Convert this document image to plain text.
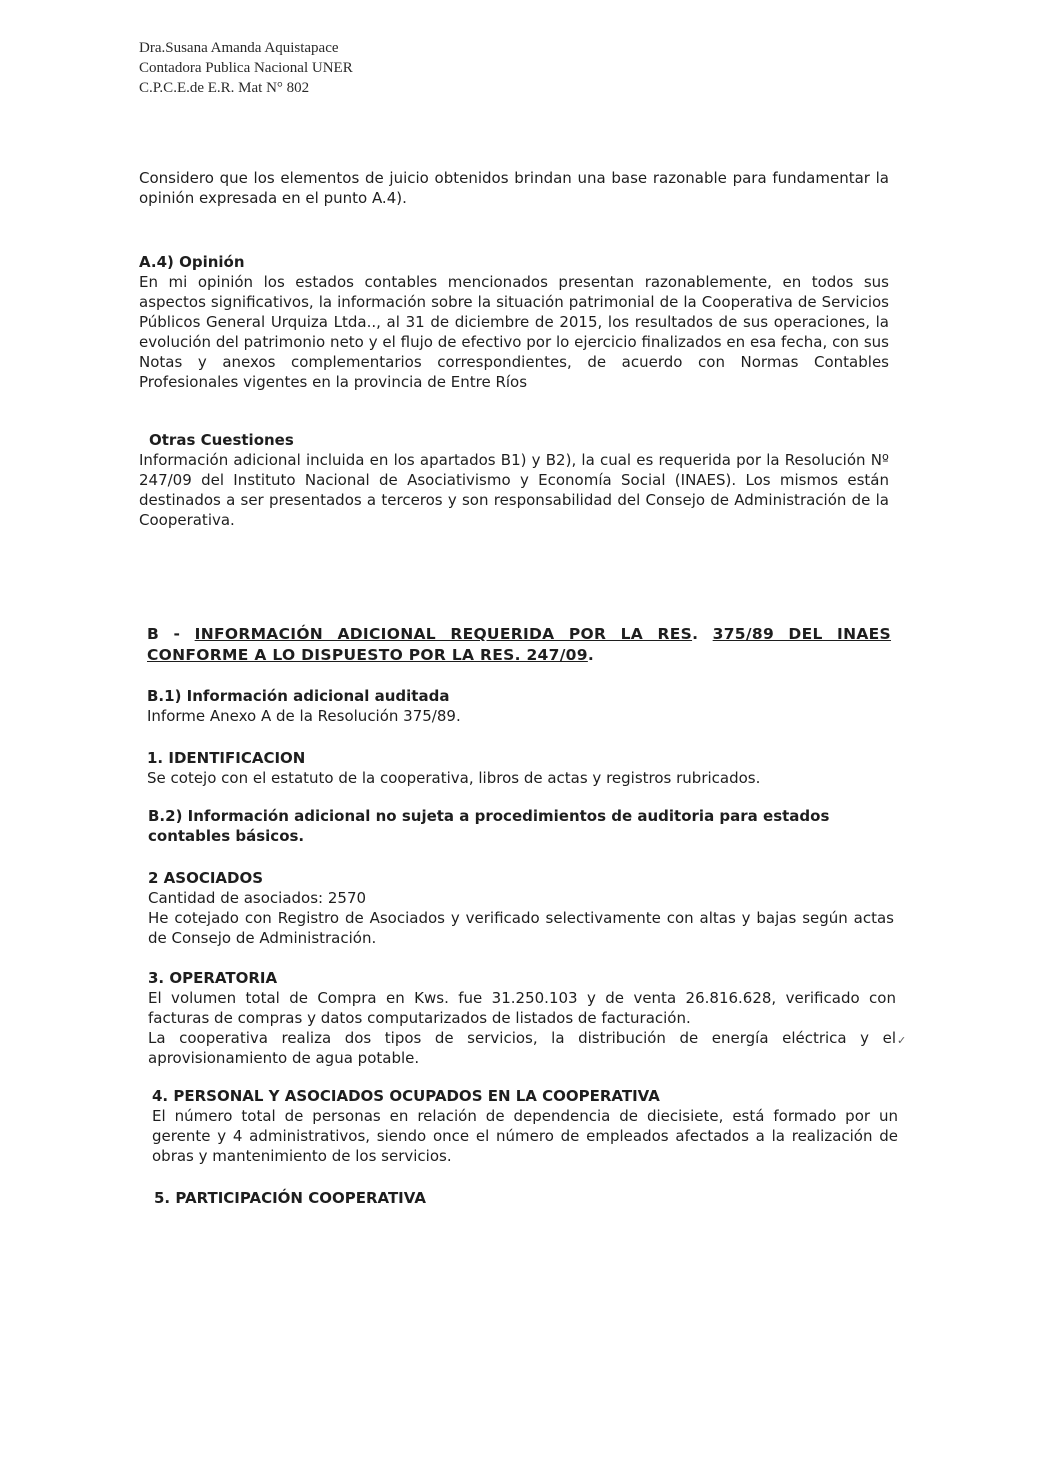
Dra.Susana Amanda Aquistapace
Contadora Publica Nacional UNER
C.P.C.E.de E.R. Mat N° 802

Considero que los elementos de juicio obtenidos brindan una base razonable para fundamentar la opinión expresada en el punto A.4).

A.4) Opinión

En mi opinión los estados contables mencionados presentan razonablemente, en todos sus aspectos significativos, la información sobre la situación patrimonial de la Cooperativa de Servicios Públicos General Urquiza Ltda.., al 31 de diciembre de 2015, los resultados de sus operaciones, la evolución del patrimonio neto y el flujo de efectivo por lo ejercicio finalizados en esa fecha, con sus Notas y anexos complementarios correspondientes, de acuerdo con Normas Contables Profesionales vigentes en la provincia de Entre Ríos

Otras Cuestiones

Información adicional incluida en los apartados B1) y B2), la cual es requerida por la Resolución Nº 247/09 del Instituto Nacional de Asociativismo y Economía Social (INAES). Los mismos están destinados a ser presentados a terceros y son responsabilidad del Consejo de Administración de la Cooperativa.

B - INFORMACIÓN ADICIONAL REQUERIDA POR LA RES. 375/89 DEL INAES CONFORME A LO DISPUESTO POR LA RES. 247/09.

B.1) Información adicional auditada

Informe Anexo A de la Resolución 375/89.

1. IDENTIFICACION

Se cotejo con el estatuto de la cooperativa, libros de actas y registros rubricados.

B.2) Información adicional no sujeta a procedimientos de auditoria para estados contables básicos.

2 ASOCIADOS

Cantidad de asociados: 2570

He cotejado con Registro de Asociados y verificado selectivamente con altas y bajas según actas de Consejo de Administración.

3. OPERATORIA

El volumen total de Compra en Kws. fue 31.250.103 y de venta 26.816.628, verificado con facturas de compras y datos computarizados de listados de facturación.

La cooperativa realiza dos tipos de servicios, la distribución de energía eléctrica y el aprovisionamiento de agua potable.

✓

4. PERSONAL Y ASOCIADOS OCUPADOS EN LA COOPERATIVA

El número total de personas en relación de dependencia de diecisiete, está formado por un gerente y 4 administrativos, siendo once el número de empleados afectados a la realización de obras y mantenimiento de los servicios.

5. PARTICIPACIÓN COOPERATIVA
